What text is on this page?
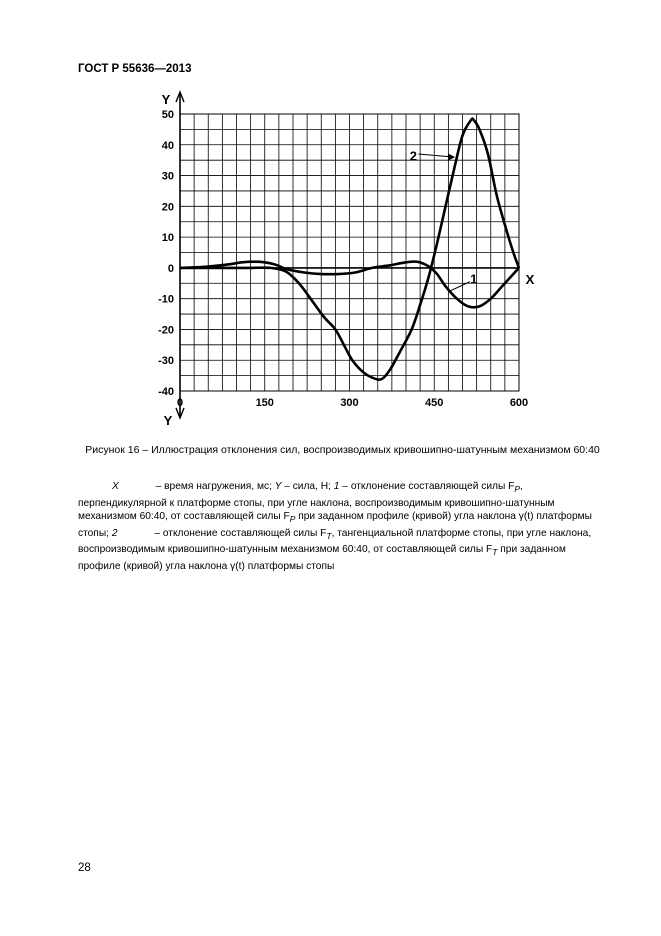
ГОСТ Р 55636—2013
50
40
30
20
10
0
-10
-20
-30
-40
0	150	300	450	600
Y
Y
X
2
1
Рисунок 16 – Иллюстрация отклонения сил, воспроизводимых кривошипно-шатунным механизмом 60:40

X	– время нагружения, мс; Y – сила, Н; 1 – отклонение составляющей силы $F_P$, перпендикулярной к платформе стопы, при угле наклона, воспроизводимым кривошипно-шатунным механизмом 60:40, от составляющей силы $F_P$ при заданном профиле (кривой) угла наклона γ(t) платформы стопы; 2	– отклонение составляющей силы $F_T$, тангенциальной платформе стопы, при угле наклона, воспроизводимым кривошипно-шатунным механизмом 60:40, от составляющей силы $F_T$ при заданном профиле (кривой) угла наклона γ(t) платформы стопы

28
